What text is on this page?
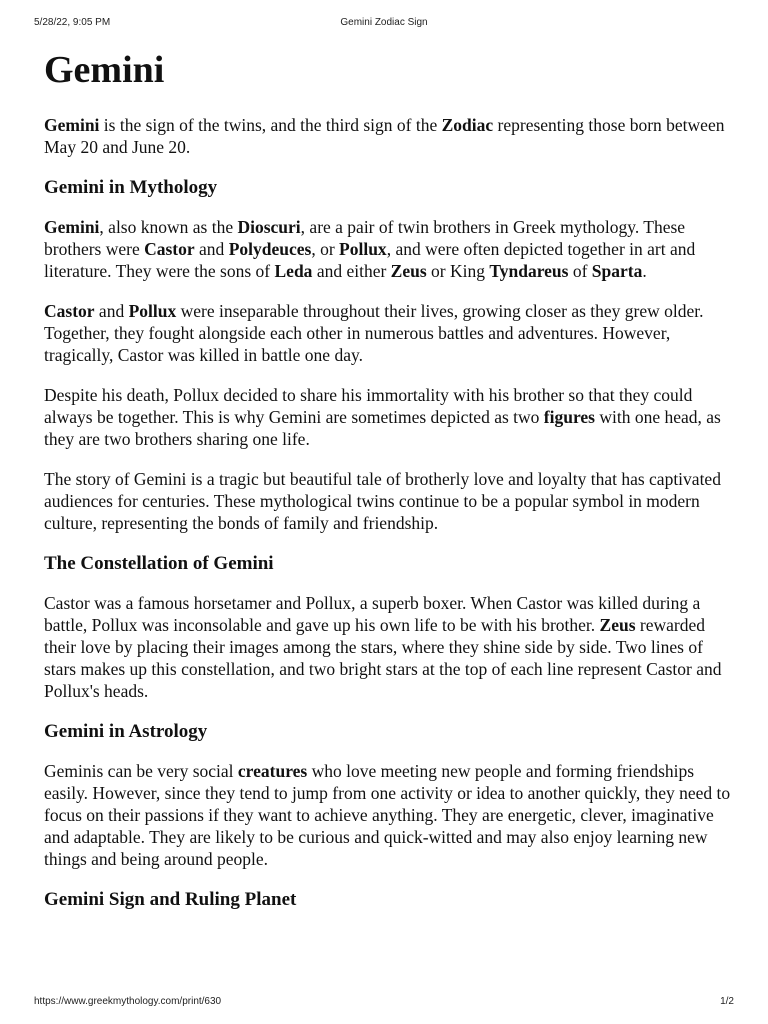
5/28/22, 9:05 PM	Gemini Zodiac Sign
Gemini

Gemini is the sign of the twins, and the third sign of the Zodiac representing those born between May 20 and June 20.

Gemini in Mythology

Gemini, also known as the Dioscuri, are a pair of twin brothers in Greek mythology. These brothers were Castor and Polydeuces, or Pollux, and were often depicted together in art and literature. They were the sons of Leda and either Zeus or King Tyndareus of Sparta.

Castor and Pollux were inseparable throughout their lives, growing closer as they grew older. Together, they fought alongside each other in numerous battles and adventures. However, tragically, Castor was killed in battle one day.

Despite his death, Pollux decided to share his immortality with his brother so that they could always be together. This is why Gemini are sometimes depicted as two figures with one head, as they are two brothers sharing one life.

The story of Gemini is a tragic but beautiful tale of brotherly love and loyalty that has captivated audiences for centuries. These mythological twins continue to be a popular symbol in modern culture, representing the bonds of family and friendship.

The Constellation of Gemini

Castor was a famous horsetamer and Pollux, a superb boxer. When Castor was killed during a battle, Pollux was inconsolable and gave up his own life to be with his brother. Zeus rewarded their love by placing their images among the stars, where they shine side by side. Two lines of stars makes up this constellation, and two bright stars at the top of each line represent Castor and Pollux's heads.

Gemini in Astrology

Geminis can be very social creatures who love meeting new people and forming friendships easily. However, since they tend to jump from one activity or idea to another quickly, they need to focus on their passions if they want to achieve anything. They are energetic, clever, imaginative and adaptable. They are likely to be curious and quick-witted and may also enjoy learning new things and being around people.

Gemini Sign and Ruling Planet
https://www.greekmythology.com/print/630	1/2
